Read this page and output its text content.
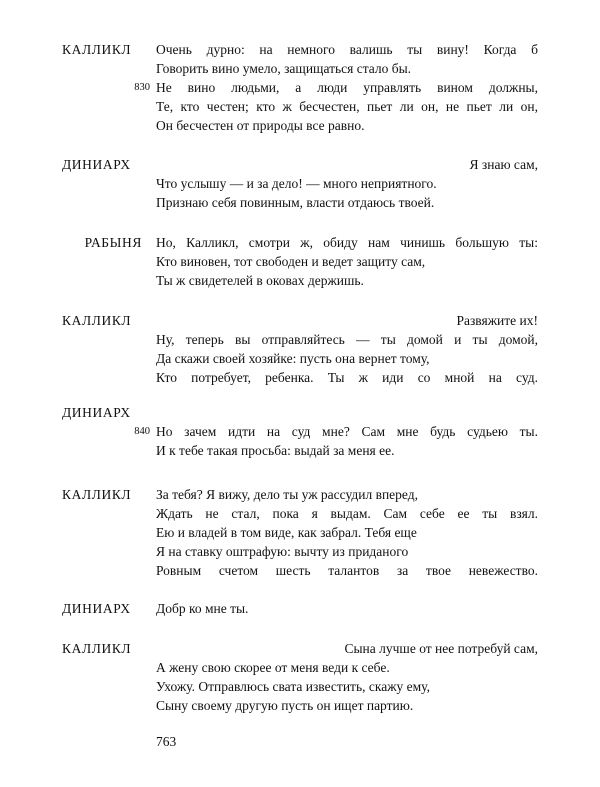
КАЛЛИКЛ	Очень дурно: на немного валишь ты вину! Когда б
Говорить вино умело, защищаться стало бы.
830 Не вино людьми, а люди управлять вином должны,
Те, кто честен; кто ж бесчестен, пьет ли он, не пьет ли он,
Он бесчестен от природы все равно.
ДИНИАРХ	Я знаю сам,
Что услышу — и за дело! — много неприятного.
Признаю себя повинным, власти отдаюсь твоей.
РАБЫНЯ Но, Калликл, смотри ж, обиду нам чинишь большую ты:
Кто виновен, тот свободен и ведет защиту сам,
Ты ж свидетелей в оковах держишь.
КАЛЛИКЛ	Развяжите их!
Ну, теперь вы отправляйтесь — ты домой и ты домой,
Да скажи своей хозяйке: пусть она вернет тому,
Кто потребует, ребенка. Ты ж иди со мной на суд.
ДИНИАРХ
840 Но зачем идти на суд мне? Сам мне будь судьею ты.
И к тебе такая просьба: выдай за меня ее.
КАЛЛИКЛ	За тебя? Я вижу, дело ты уж рассудил вперед,
Ждать не стал, пока я выдам. Сам себе ее ты взял.
Ею и владей в том виде, как забрал. Тебя еще
Я на ставку оштрафую: вычту из приданого
Ровным счетом шесть талантов за твое невежество.
ДИНИАРХ	Добр ко мне ты.
КАЛЛИКЛ	Сына лучше от нее потребуй сам,
А жену свою скорее от меня веди к себе.
Ухожу. Отправлюсь свата известить, скажу ему,
Сыну своему другую пусть он ищет партию.
763
